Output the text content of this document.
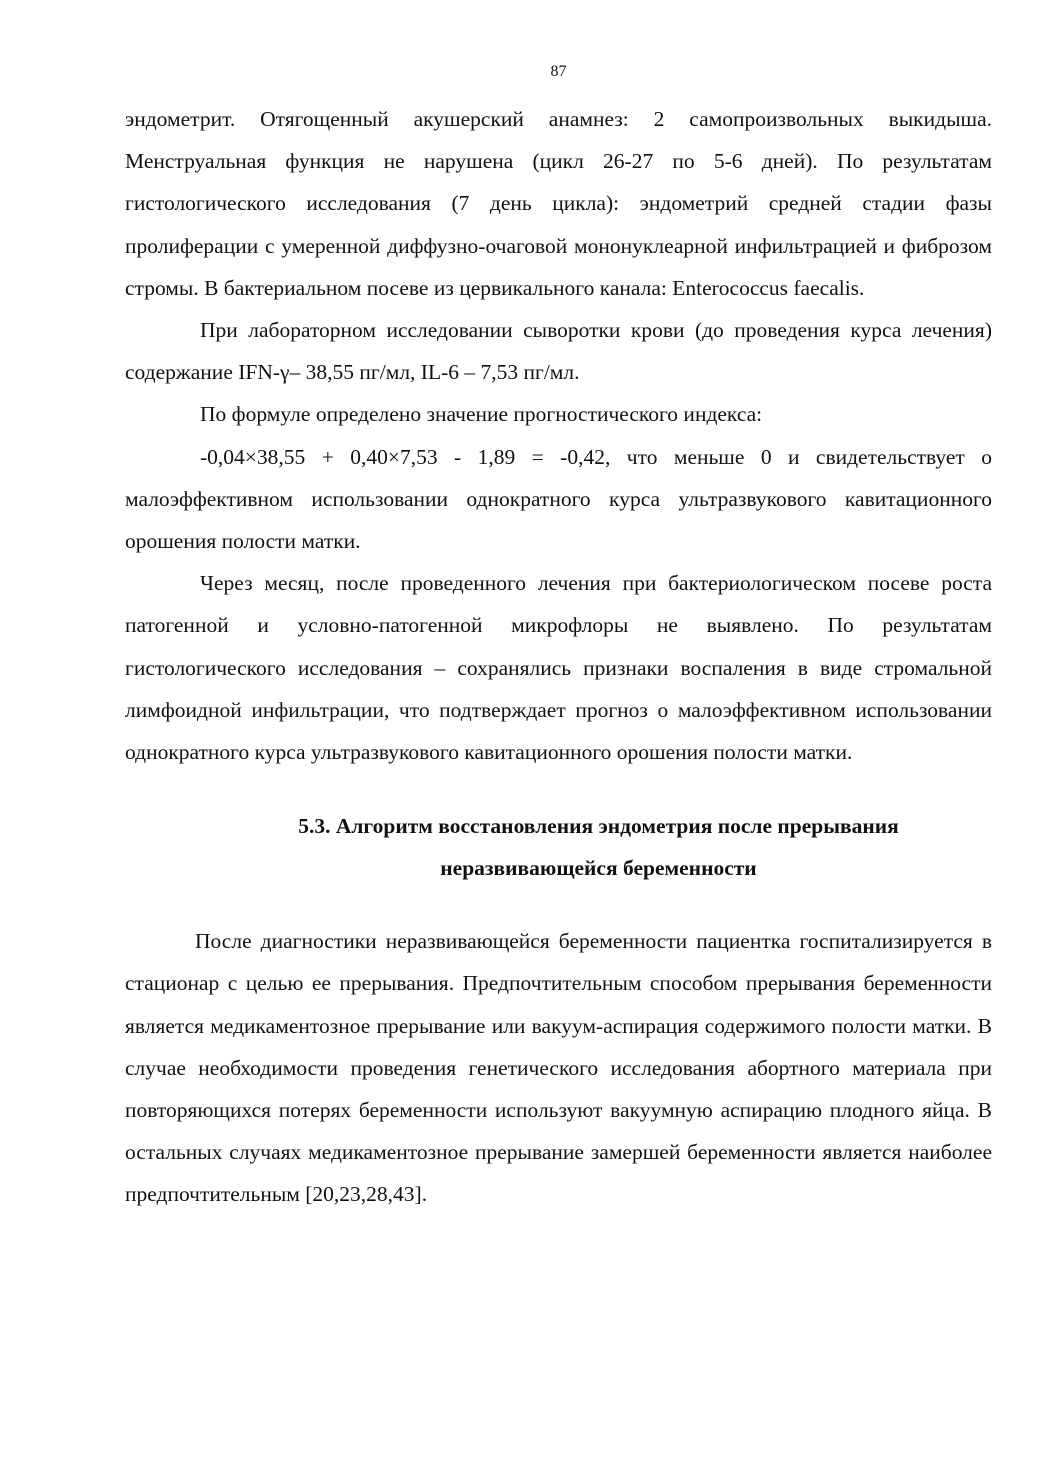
87

эндометрит. Отягощенный акушерский анамнез: 2 самопроизвольных выкидыша. Менструальная функция не нарушена (цикл 26-27 по 5-6 дней). По результатам гистологического исследования (7 день цикла): эндометрий средней стадии фазы пролиферации с умеренной диффузно-очаговой мононуклеарной инфильтрацией и фиброзом стромы. В бактериальном посеве из цервикального канала: Enterococcus faecalis.

При лабораторном исследовании сыворотки крови (до проведения курса лечения) содержание IFN-γ– 38,55 пг/мл, IL-6 – 7,53 пг/мл.

По формуле определено значение прогностического индекса:

-0,04×38,55 + 0,40×7,53 - 1,89 = -0,42, что меньше 0 и свидетельствует о малоэффективном использовании однократного курса ультразвукового кавитационного орошения полости матки.

Через месяц, после проведенного лечения при бактериологическом посеве роста патогенной и условно-патогенной микрофлоры не выявлено. По результатам гистологического исследования – сохранялись признаки воспаления в виде стромальной лимфоидной инфильтрации, что подтверждает прогноз о малоэффективном использовании однократного курса ультразвукового кавитационного орошения полости матки.

5.3. Алгоритм восстановления эндометрия после прерывания
неразвивающейся беременности

После диагностики неразвивающейся беременности пациентка госпитализируется в стационар с целью ее прерывания. Предпочтительным способом прерывания беременности является медикаментозное прерывание или вакуум-аспирация содержимого полости матки. В случае необходимости проведения генетического исследования абортного материала при повторяющихся потерях беременности используют вакуумную аспирацию плодного яйца. В остальных случаях медикаментозное прерывание замершей беременности является наиболее предпочтительным [20,23,28,43].
